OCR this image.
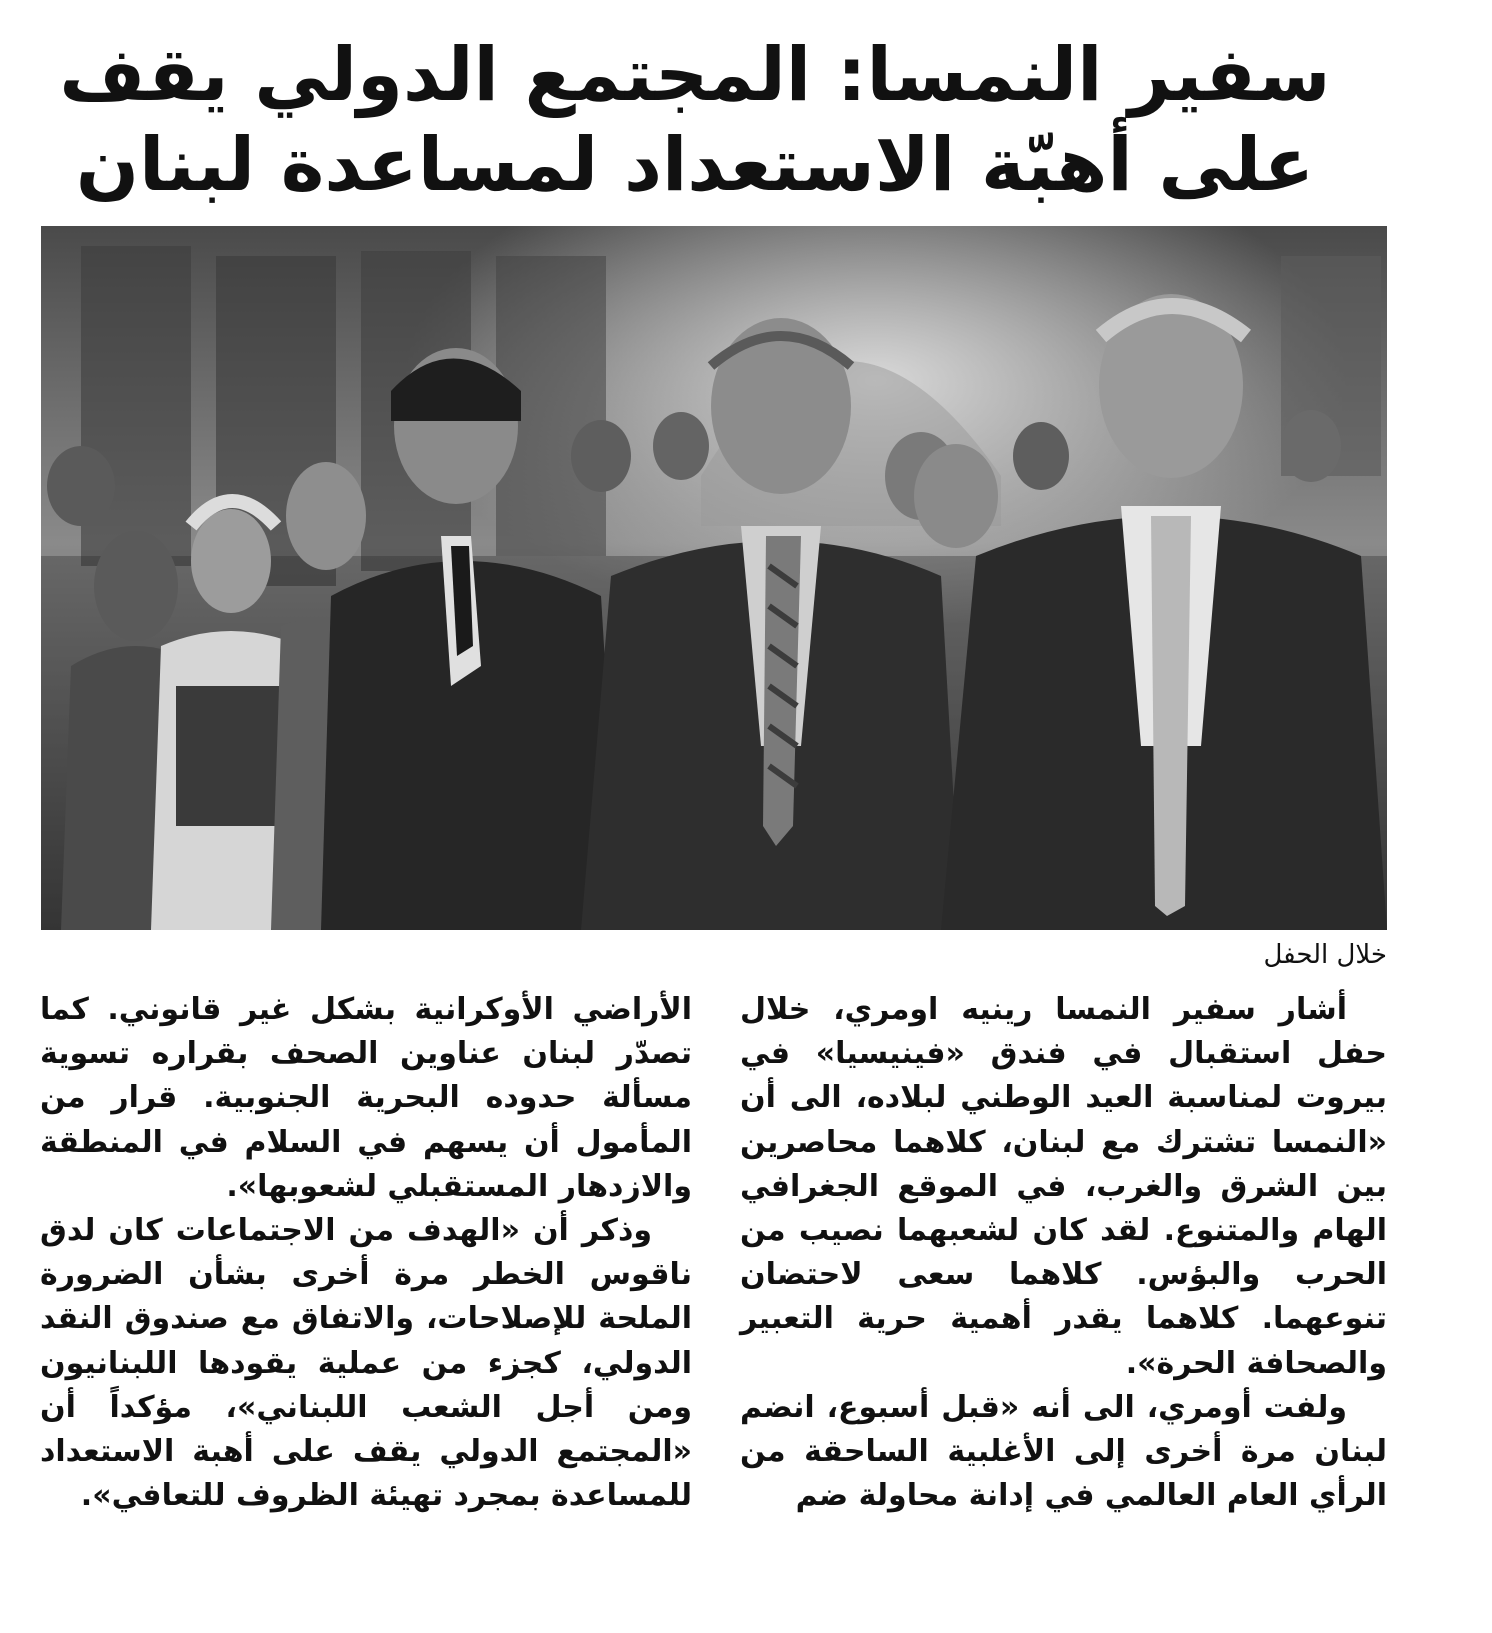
سفير النمسا: المجتمع الدولي يقف
على أهبّة الاستعداد لمساعدة لبنان
خلال الحفل

أشار سفير النمسا رينيه اومري، خلال حفل استقبال في فندق «فينيسيا» في بيروت لمناسبة العيد الوطني لبلاده، الى أن «النمسا تشترك مع لبنان، كلاهما محاصرين بين الشرق والغرب، في الموقع الجغرافي الهام والمتنوع. لقد كان لشعبهما نصيب من الحرب والبؤس. كلاهما سعى لاحتضان تنوعهما. كلاهما يقدر أهمية حرية التعبير والصحافة الحرة».

ولفت أومري، الى أنه «قبل أسبوع، انضم لبنان مرة أخرى إلى الأغلبية الساحقة من الرأي العام العالمي في إدانة محاولة ضم

الأراضي الأوكرانية بشكل غير قانوني. كما تصدّر لبنان عناوين الصحف بقراره تسوية مسألة حدوده البحرية الجنوبية. قرار من المأمول أن يسهم في السلام في المنطقة والازدهار المستقبلي لشعوبها».

وذكر أن «الهدف من الاجتماعات كان لدق ناقوس الخطر مرة أخرى بشأن الضرورة الملحة للإصلاحات، والاتفاق مع صندوق النقد الدولي، كجزء من عملية يقودها اللبنانيون ومن أجل الشعب اللبناني»، مؤكداً أن «المجتمع الدولي يقف على أهبة الاستعداد للمساعدة بمجرد تهيئة الظروف للتعافي».
